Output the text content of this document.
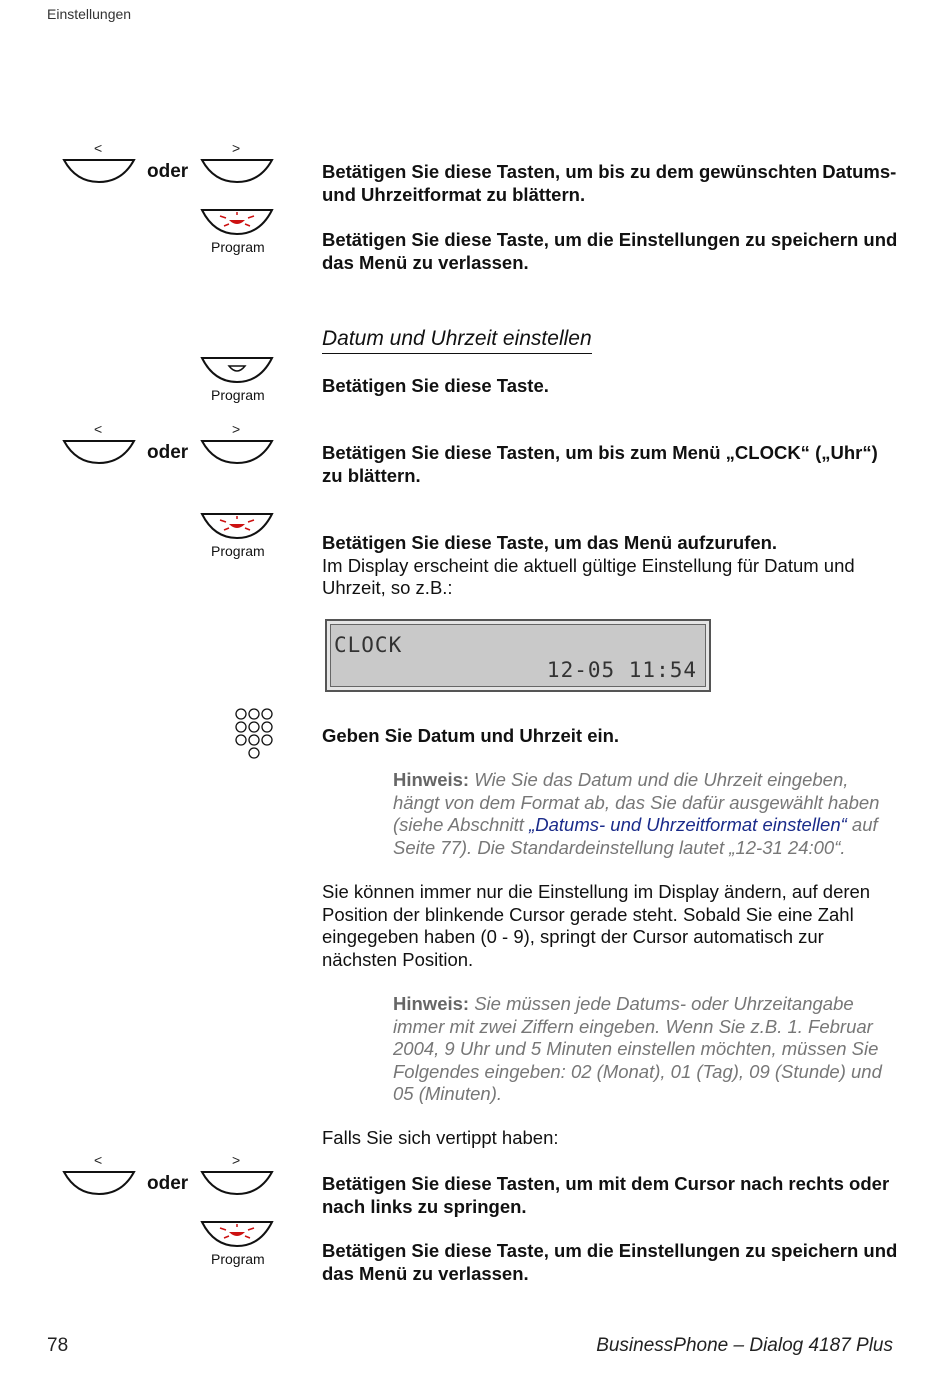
Einstellungen
78	BusinessPhone – Dialog 4187 Plus
<	>
oder	Betätigen Sie diese Tasten, um bis zu dem gewünschten Datums- und Uhrzeitformat zu blättern.
Program	Betätigen Sie diese Taste, um die Einstellungen zu speichern und das Menü zu verlassen.
Datum und Uhrzeit einstellen
Program	Betätigen Sie diese Taste.
<	>
oder	Betätigen Sie diese Tasten, um bis zum Menü „CLOCK“ („Uhr“) zu blättern.
Program	Betätigen Sie diese Taste, um das Menü aufzurufen.
Im Display erscheint die aktuell gültige Einstellung für Datum und Uhrzeit, so z.B.:
CLOCK
12-05 11:54
Geben Sie Datum und Uhrzeit ein.
Hinweis: Wie Sie das Datum und die Uhrzeit eingeben, hängt von dem Format ab, das Sie dafür ausgewählt haben (siehe Abschnitt „Datums- und Uhrzeitformat einstellen“ auf Seite 77). Die Standardeinstellung lautet „12-31 24:00“.
Sie können immer nur die Einstellung im Display ändern, auf deren Position der blinkende Cursor gerade steht. Sobald Sie eine Zahl eingegeben haben (0 - 9), springt der Cursor automatisch zur nächsten Position.
Hinweis: Sie müssen jede Datums- oder Uhrzeitangabe immer mit zwei Ziffern eingeben. Wenn Sie z.B. 1. Februar 2004, 9 Uhr und 5 Minuten einstellen möchten, müssen Sie Folgendes eingeben: 02 (Monat), 01 (Tag), 09 (Stunde) und 05 (Minuten).
Falls Sie sich vertippt haben:
<	>
oder	Betätigen Sie diese Tasten, um mit dem Cursor nach rechts oder nach links zu springen.
Program	Betätigen Sie diese Taste, um die Einstellungen zu speichern und das Menü zu verlassen.
